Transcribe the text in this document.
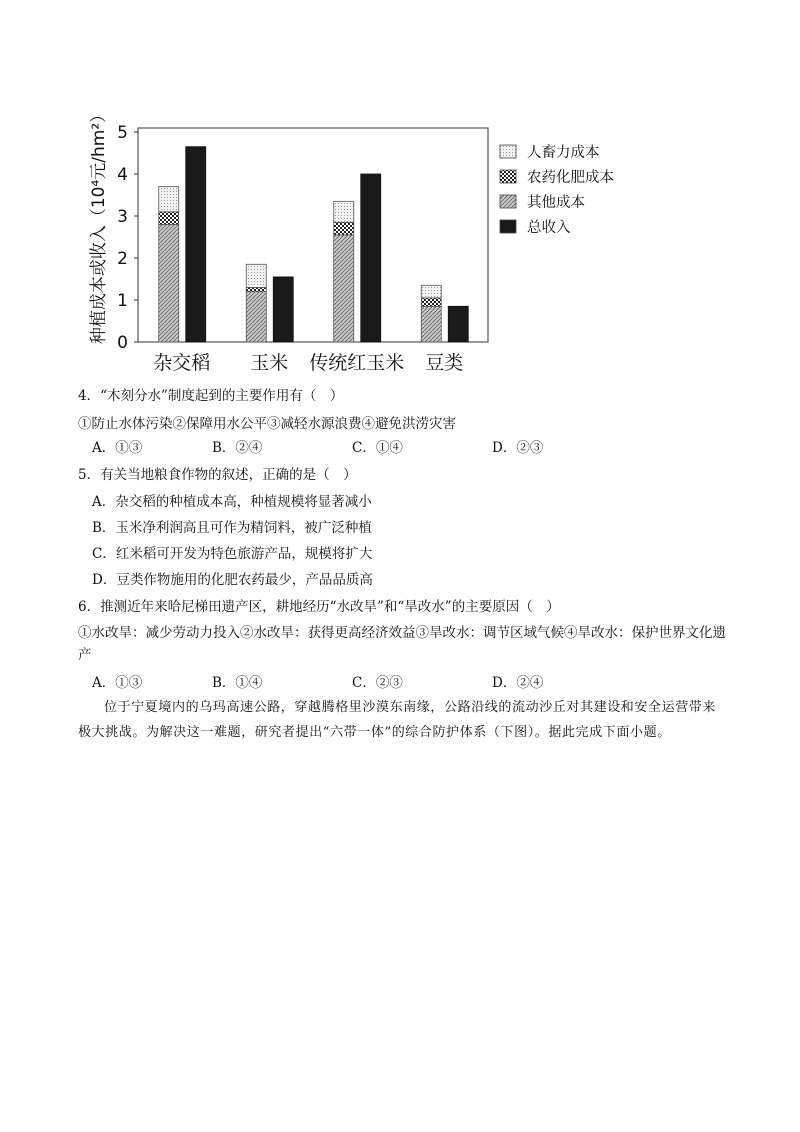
0
1
2
3
4
5
种植成本或收入（10⁴元/hm²）
杂交稻 玉米 传统红玉米 豆类
人畜力成本
农药化肥成本
其他成本
总收入
4．“木刻分水”制度起到的主要作用有（　）
①防止水体污染②保障用水公平③减轻水源浪费④避免洪涝灾害
A．①③	B．②④	C．①④	D．②③
5．有关当地粮食作物的叙述，正确的是（　）
A．杂交稻的种植成本高，种植规模将显著减小
B．玉米净利润高且可作为精饲料，被广泛种植
C．红米稻可开发为特色旅游产品，规模将扩大
D．豆类作物施用的化肥农药最少，产品品质高
6．推测近年来哈尼梯田遗产区，耕地经历“水改旱”和“旱改水”的主要原因（　）
①水改旱：减少劳动力投入②水改旱：获得更高经济效益③旱改水：调节区域气候④旱改水：保护世界文化遗产
A．①③	B．①④	C．②③	D．②④
位于宁夏境内的乌玛高速公路，穿越腾格里沙漠东南缘，公路沿线的流动沙丘对其建设和安全运营带来极大挑战。为解决这一难题，研究者提出“六带一体”的综合防护体系（下图）。据此完成下面小题。
